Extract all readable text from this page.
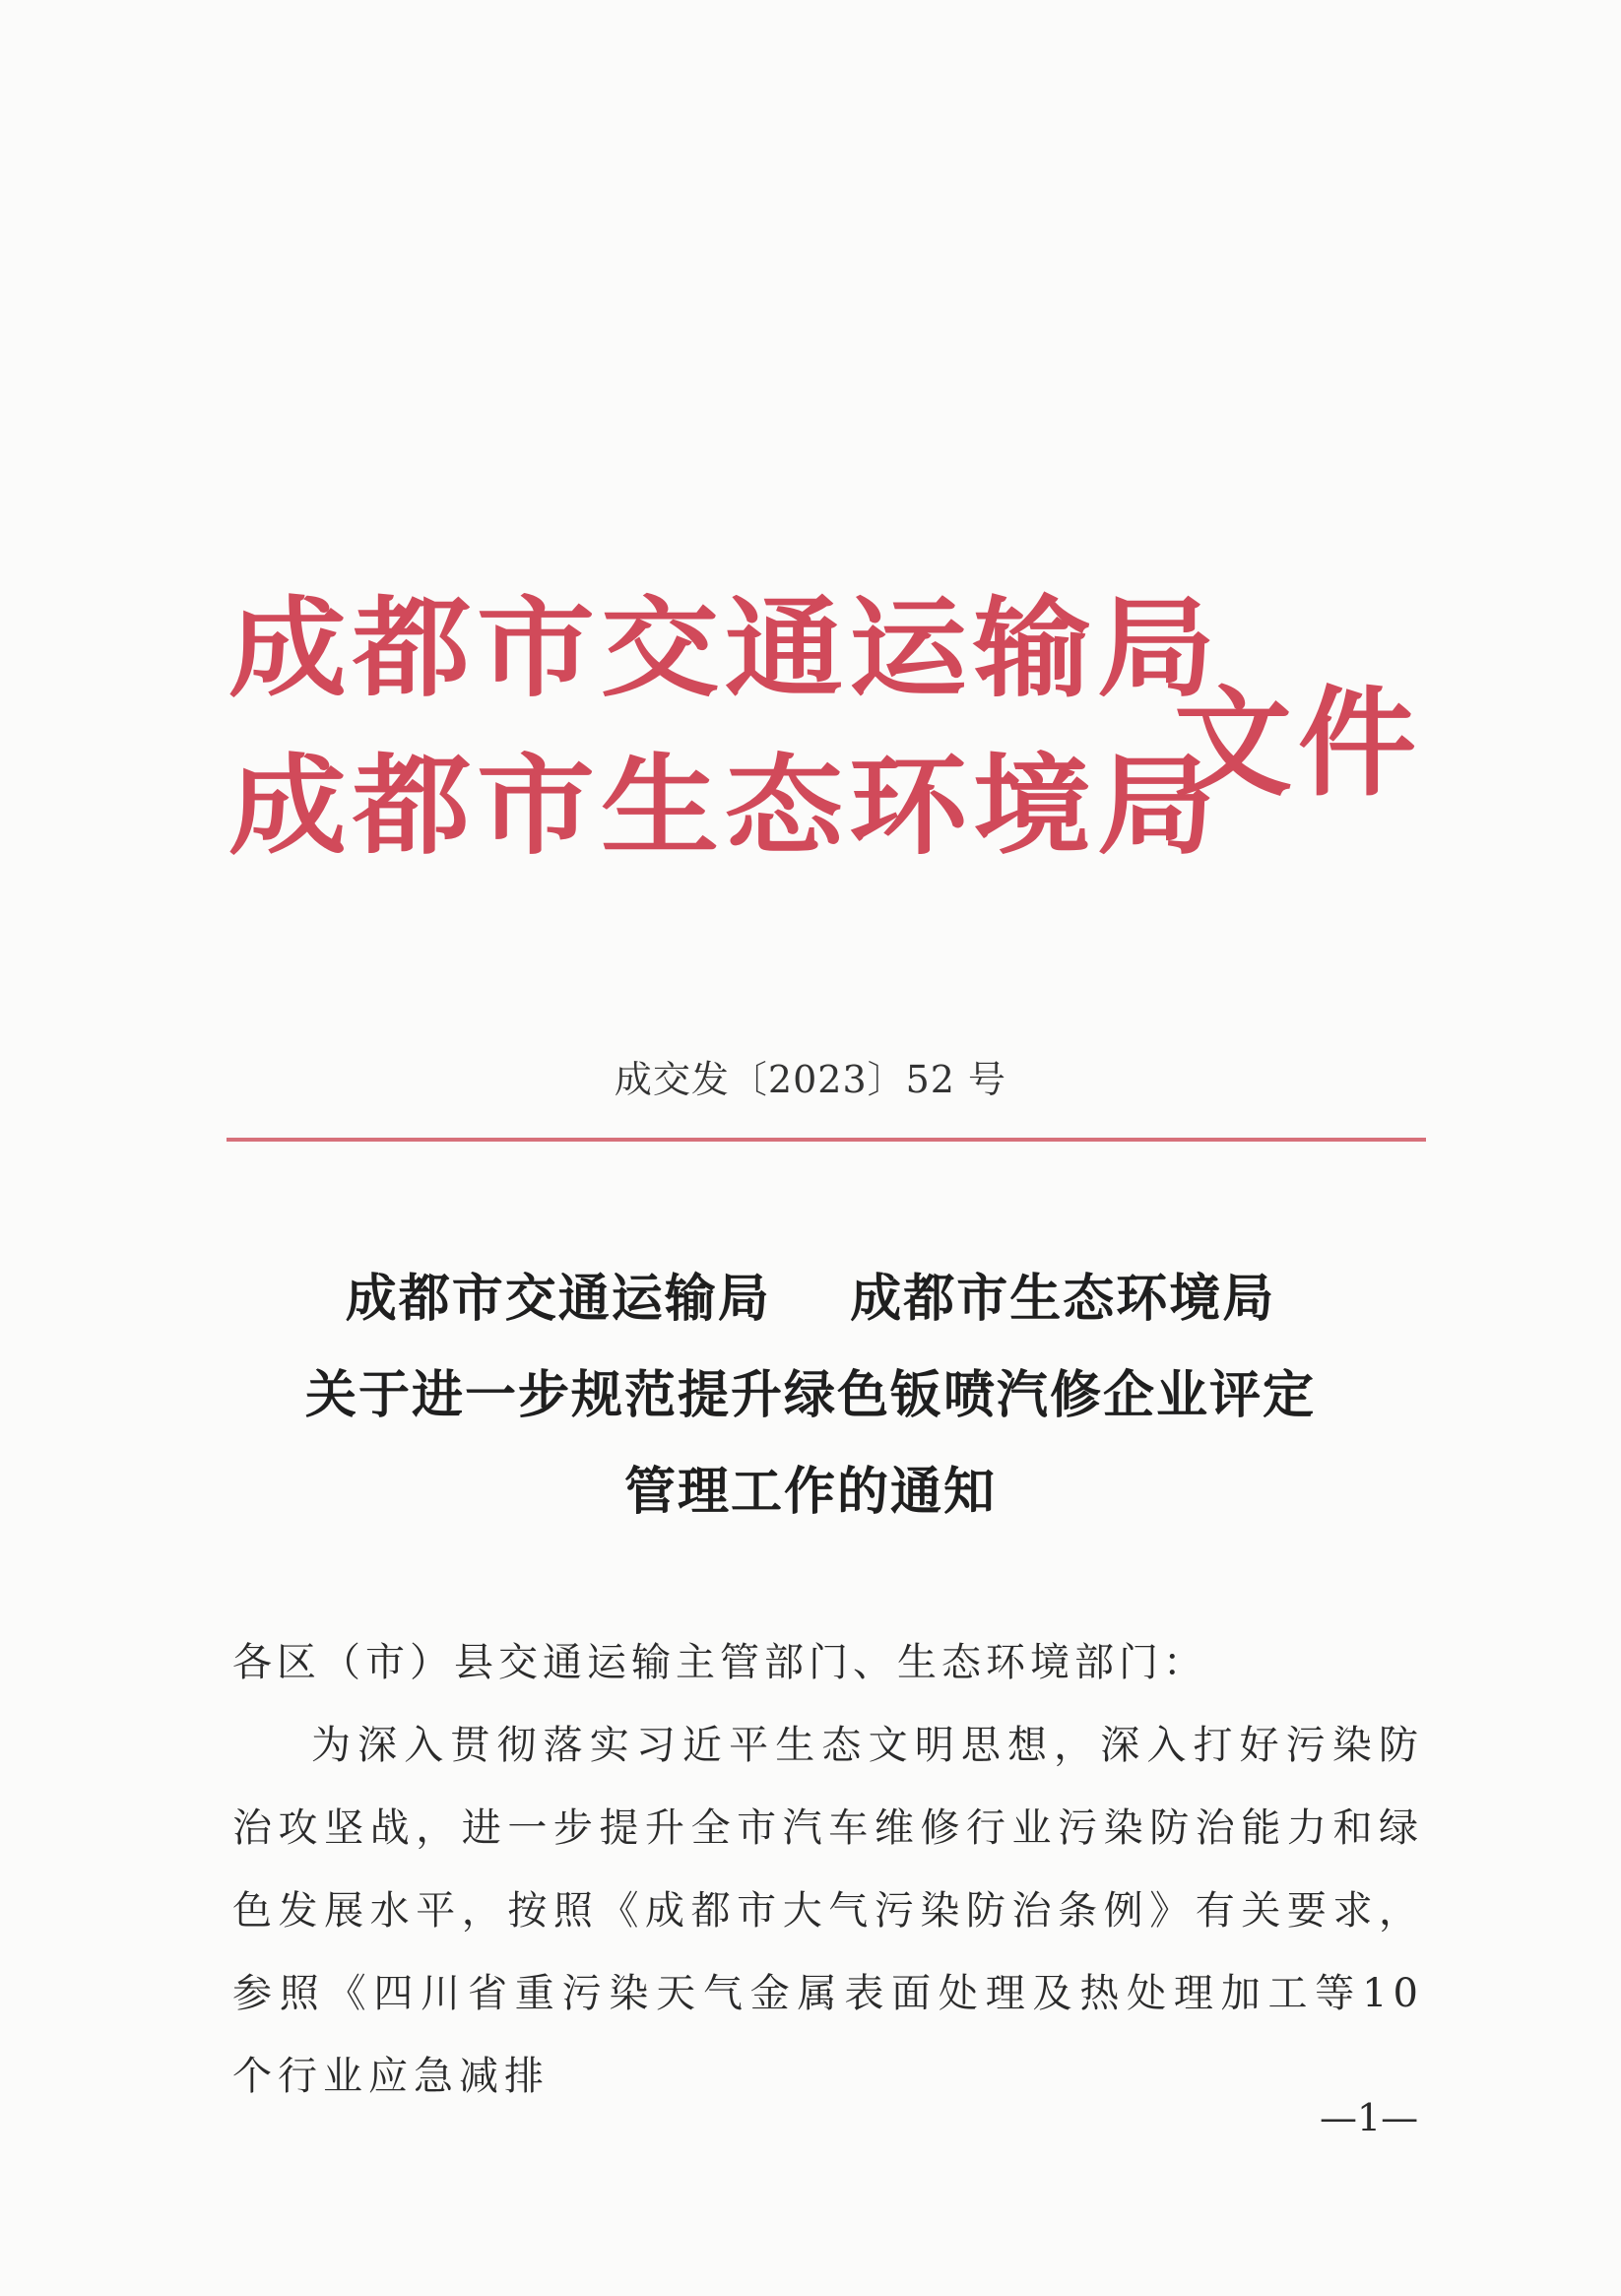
成都市交通运输局
成都市生态环境局
文件
成交发〔2023〕52 号
成都市交通运输局    成都市生态环境局
关于进一步规范提升绿色钣喷汽修企业评定
管理工作的通知

各区（市）县交通运输主管部门、生态环境部门：

为深入贯彻落实习近平生态文明思想，深入打好污染防治攻坚战，进一步提升全市汽车维修行业污染防治能力和绿色发展水平，按照《成都市大气污染防治条例》有关要求，参照《四川省重污染天气金属表面处理及热处理加工等10个行业应急减排

—1—
